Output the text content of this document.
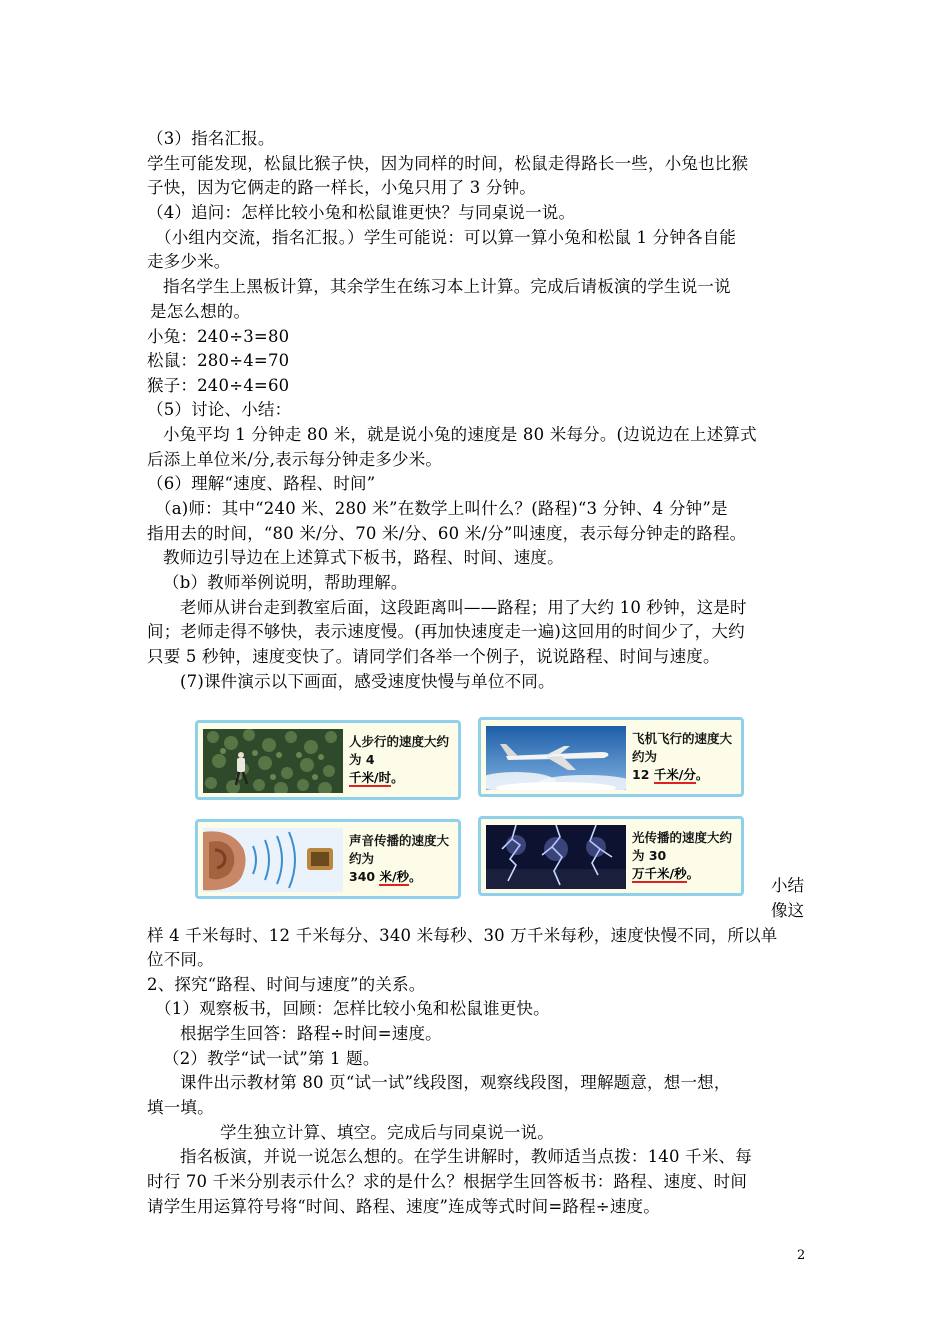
（3）指名汇报。
学生可能发现，松鼠比猴子快，因为同样的时间，松鼠走得路长一些，小兔也比猴
子快，因为它俩走的路一样长，小兔只用了 3 分钟。
（4）追问：怎样比较小兔和松鼠谁更快？与同桌说一说。
（小组内交流，指名汇报。）学生可能说：可以算一算小兔和松鼠 1 分钟各自能
走多少米。
指名学生上黑板计算，其余学生在练习本上计算。完成后请板演的学生说一说
是怎么想的。
小兔：240÷3=80
松鼠：280÷4=70
猴子：240÷4=60
（5）讨论、小结：
小兔平均 1 分钟走 80 米，就是说小兔的速度是 80 米每分。(边说边在上述算式
后添上单位米/分,表示每分钟走多少米。
（6）理解“速度、路程、时间”
（a)师：其中“240 米、280 米”在数学上叫什么？(路程)“3 分钟、4 分钟”是
指用去的时间，“80 米/分、70 米/分、60 米/分”叫速度，表示每分钟走的路程。
教师边引导边在上述算式下板书，路程、时间、速度。
（b）教师举例说明，帮助理解。
老师从讲台走到教室后面，这段距离叫——路程；用了大约 10 秒钟，这是时
间；老师走得不够快，表示速度慢。(再加快速度走一遍)这回用的时间少了，大约
只要 5 秒钟，速度变快了。请同学们各举一个例子，说说路程、时间与速度。
(7)课件演示以下画面，感受速度快慢与单位不同。
人步行的速度大约为 4
千米/时。
飞机飞行的速度大约为
12 千米/分。
声音传播的速度大约为
340 米/秒。
光传播的速度大约为 30
万千米/秒。
小结
像这
样 4 千米每时、12 千米每分、340 米每秒、30 万千米每秒，速度快慢不同，所以单
位不同。
2、探究“路程、时间与速度”的关系。
（1）观察板书，回顾：怎样比较小兔和松鼠谁更快。
根据学生回答：路程÷时间=速度。
（2）教学“试一试”第 1 题。
课件出示教材第 80 页“试一试”线段图，观察线段图，理解题意，想一想，
填一填。
学生独立计算、填空。完成后与同桌说一说。
指名板演，并说一说怎么想的。在学生讲解时，教师适当点拨：140 千米、每
时行 70 千米分别表示什么？求的是什么？根据学生回答板书：路程、速度、时间
请学生用运算符号将“时间、路程、速度”连成等式时间=路程÷速度。
2
